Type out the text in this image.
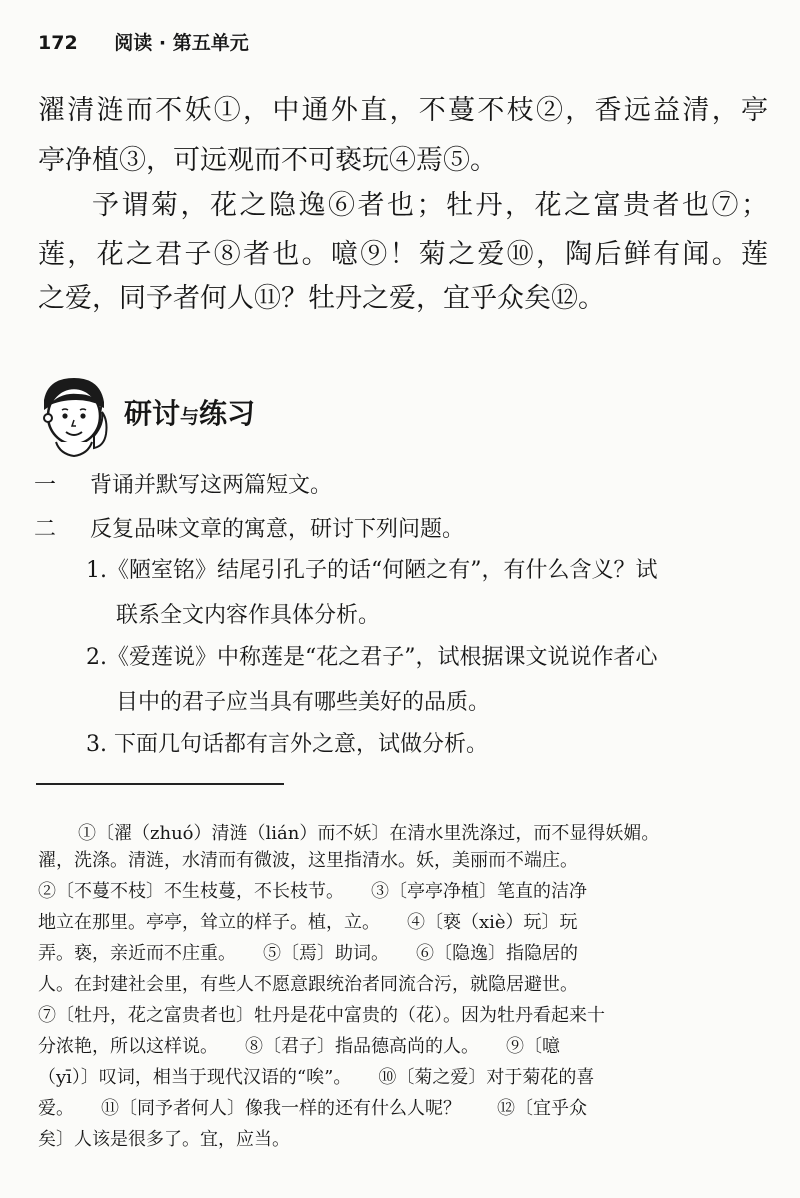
172 阅读 · 第五单元
濯清涟而不妖①，中通外直，不蔓不枝②，香远益清，亭
亭净植③，可远观而不可亵玩④焉⑤。
予谓菊，花之隐逸⑥者也；牡丹，花之富贵者也⑦；
莲，花之君子⑧者也。噫⑨！菊之爱⑩，陶后鲜有闻。莲
之爱，同予者何人⑪？牡丹之爱，宜乎众矣⑫。
研讨与练习
一 背诵并默写这两篇短文。
二 反复品味文章的寓意，研讨下列问题。
1.《陋室铭》结尾引孔子的话“何陋之有”，有什么含义？试
联系全文内容作具体分析。
2.《爱莲说》中称莲是“花之君子”，试根据课文说说作者心
目中的君子应当具有哪些美好的品质。
3. 下面几句话都有言外之意，试做分析。
①〔濯（zhuó）清涟（lián）而不妖〕在清水里洗涤过，而不显得妖媚。
濯，洗涤。清涟，水清而有微波，这里指清水。妖，美丽而不端庄。
②〔不蔓不枝〕不生枝蔓，不长枝节。　　③〔亭亭净植〕笔直的洁净
地立在那里。亭亭，耸立的样子。植，立。　　④〔亵（xiè）玩〕玩
弄。亵，亲近而不庄重。　　⑤〔焉〕助词。　　⑥〔隐逸〕指隐居的
人。在封建社会里，有些人不愿意跟统治者同流合污，就隐居避世。
⑦〔牡丹，花之富贵者也〕牡丹是花中富贵的（花）。因为牡丹看起来十
分浓艳，所以这样说。　　⑧〔君子〕指品德高尚的人。　　⑨〔噫
（yī）〕叹词，相当于现代汉语的“唉”。　　⑩〔菊之爱〕对于菊花的喜
爱。　　⑪〔同予者何人〕像我一样的还有什么人呢？　　⑫〔宜乎众
矣〕人该是很多了。宜，应当。
